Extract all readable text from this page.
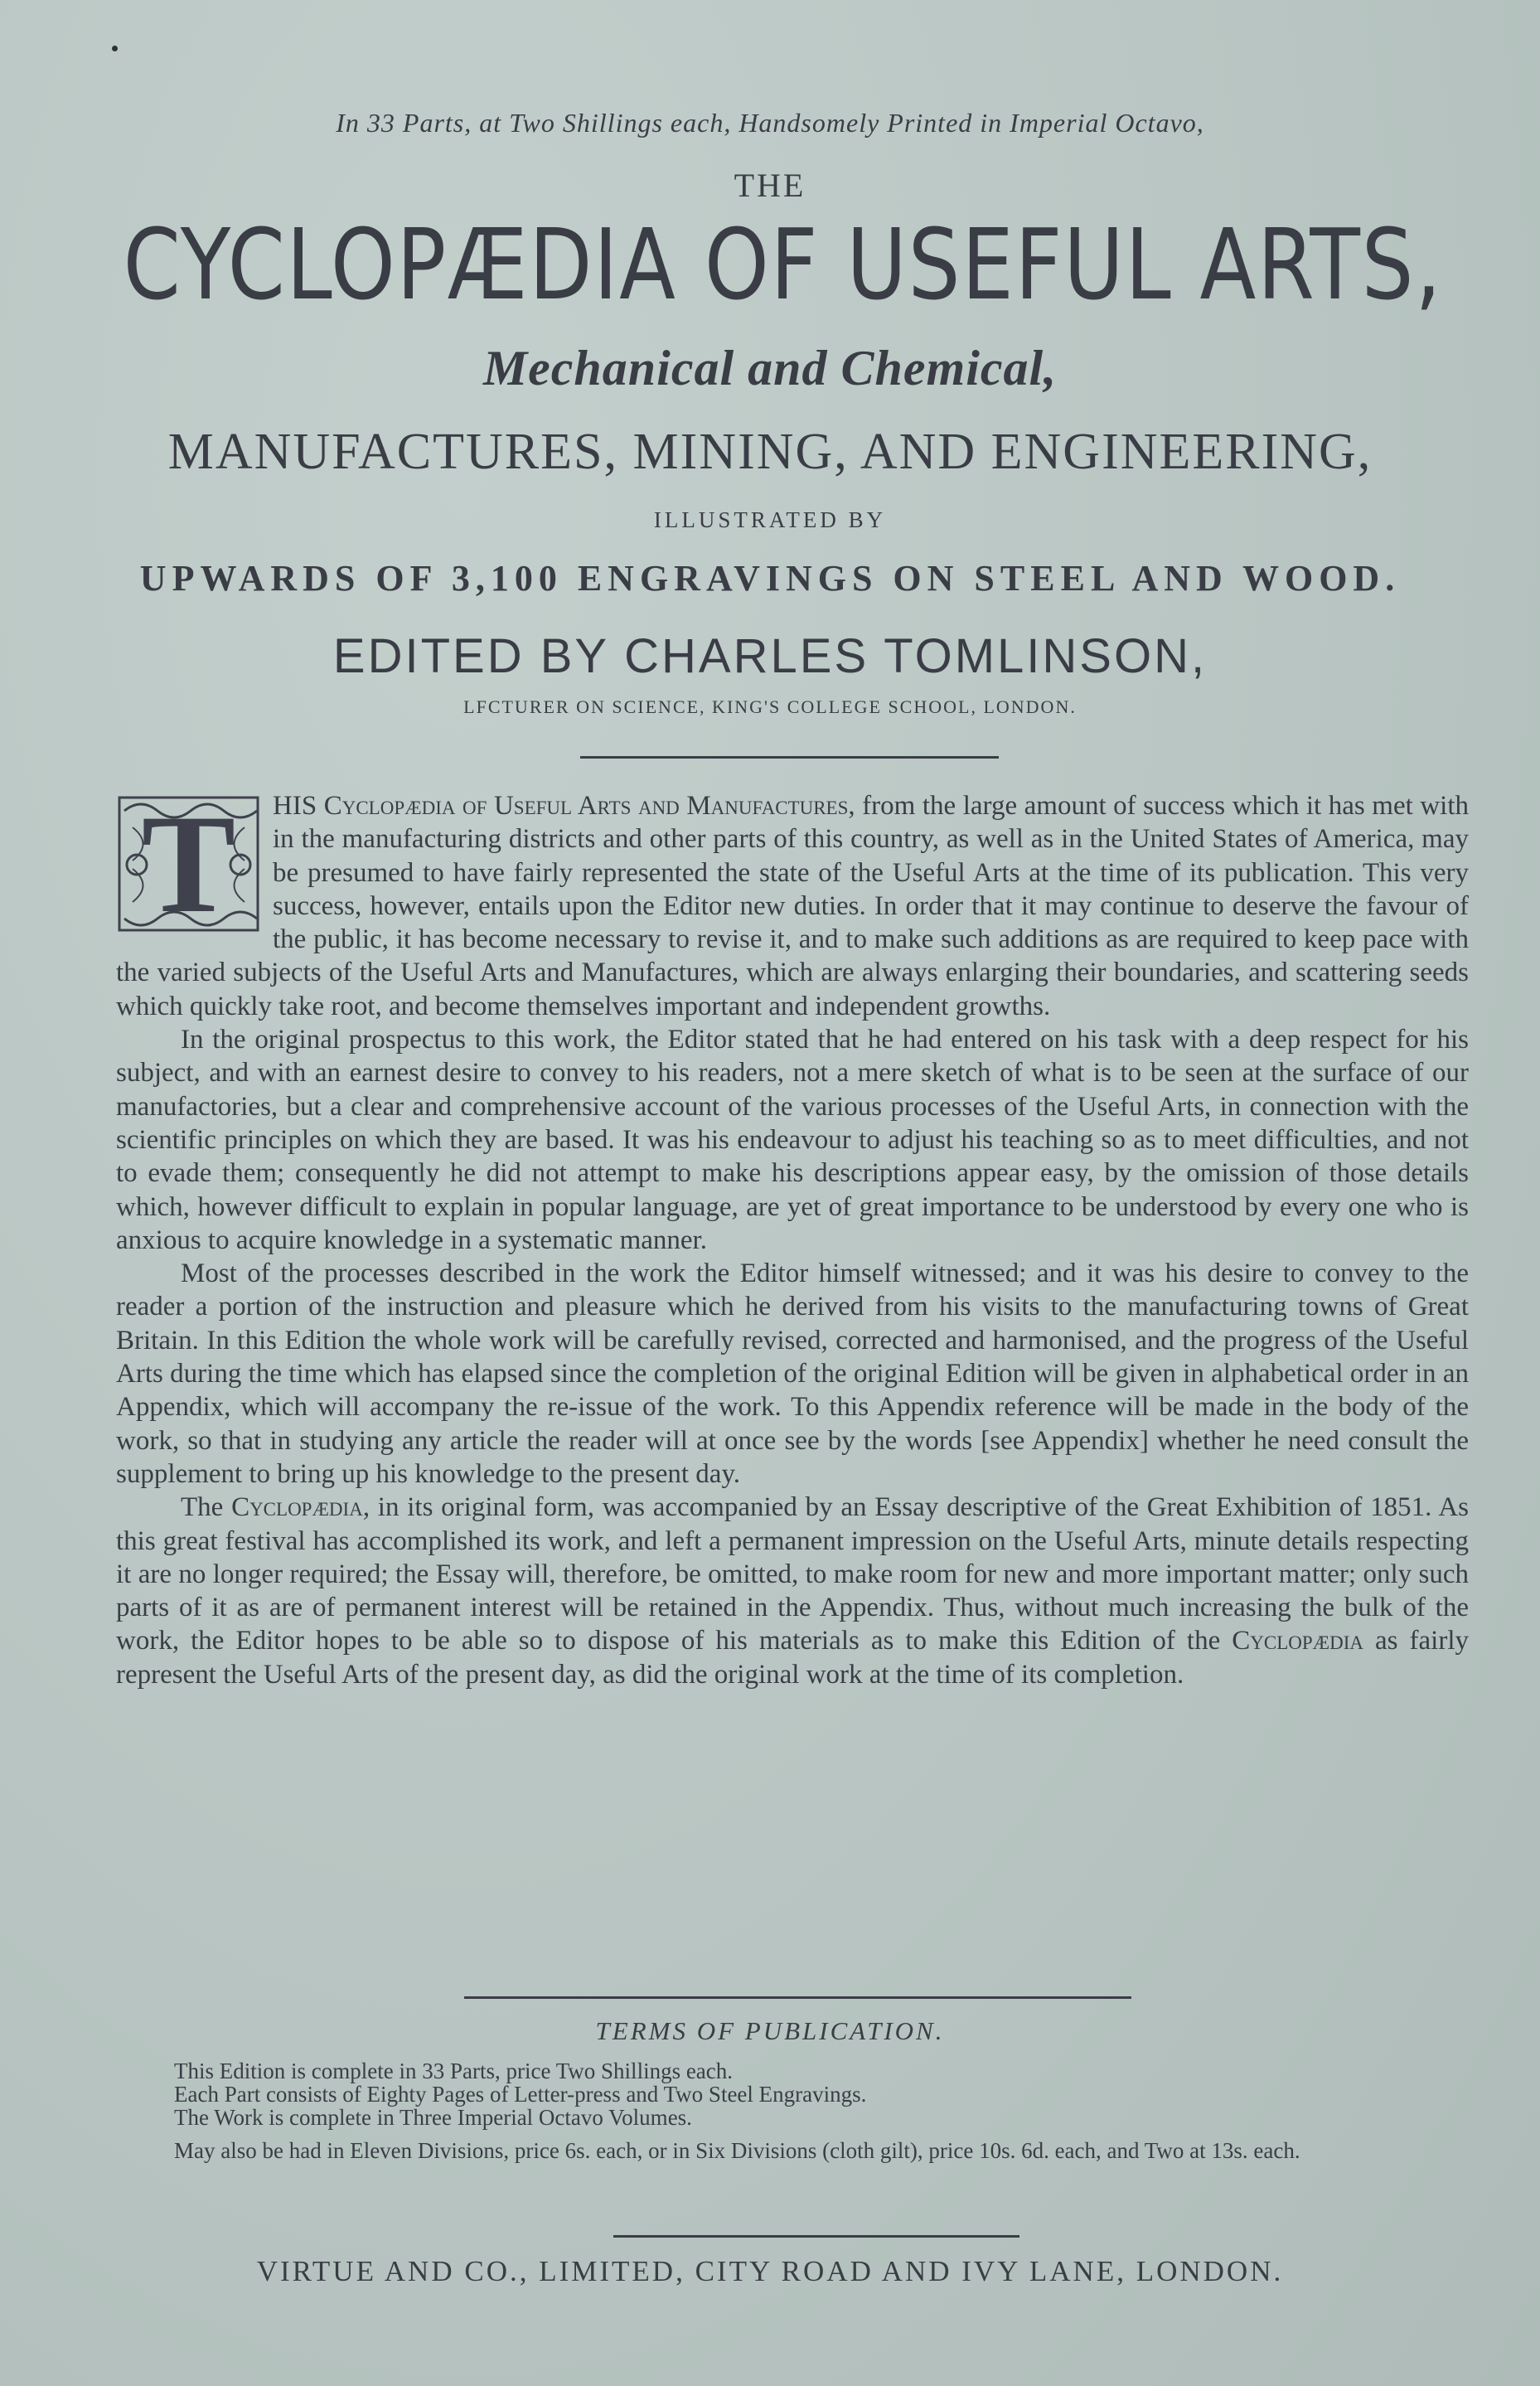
In 33 Parts, at Two Shillings each, Handsomely Printed in Imperial Octavo,
THE
CYCLOPÆDIA OF USEFUL ARTS,
Mechanical and Chemical,
MANUFACTURES, MINING, AND ENGINEERING,
ILLUSTRATED BY
UPWARDS OF 3,100 ENGRAVINGS ON STEEL AND WOOD.
EDITED BY CHARLES TOMLINSON,
LFCTURER ON SCIENCE, KING'S COLLEGE SCHOOL, LONDON.

T	HIS Cyclopædia of Useful Arts and Manufactures, from the large amount of success which it has met with in the manufacturing districts and other parts of this country, as well as in the United States of America, may be presumed to have fairly represented the state of the Useful Arts at the time of its publication. This very success, however, entails upon the Editor new duties. In order that it may continue to deserve the favour of the public, it has become necessary to revise it, and to make such additions as are required to keep pace with the varied subjects of the Useful Arts and Manufactures, which are always enlarging their boundaries, and scattering seeds which quickly take root, and become themselves important and independent growths.

In the original prospectus to this work, the Editor stated that he had entered on his task with a deep respect for his subject, and with an earnest desire to convey to his readers, not a mere sketch of what is to be seen at the surface of our manufactories, but a clear and comprehensive account of the various processes of the Useful Arts, in connection with the scientific principles on which they are based. It was his endeavour to adjust his teaching so as to meet difficulties, and not to evade them; consequently he did not attempt to make his descriptions appear easy, by the omission of those details which, however difficult to explain in popular language, are yet of great importance to be understood by every one who is anxious to acquire knowledge in a systematic manner.

Most of the processes described in the work the Editor himself witnessed; and it was his desire to convey to the reader a portion of the instruction and pleasure which he derived from his visits to the manufacturing towns of Great Britain. In this Edition the whole work will be carefully revised, corrected and harmonised, and the progress of the Useful Arts during the time which has elapsed since the completion of the original Edition will be given in alphabetical order in an Appendix, which will accompany the re-issue of the work. To this Appendix reference will be made in the body of the work, so that in studying any article the reader will at once see by the words [see Appendix] whether he need consult the supplement to bring up his knowledge to the present day.

The Cyclopædia, in its original form, was accompanied by an Essay descriptive of the Great Exhibition of 1851. As this great festival has accomplished its work, and left a permanent impression on the Useful Arts, minute details respecting it are no longer required; the Essay will, therefore, be omitted, to make room for new and more important matter; only such parts of it as are of permanent interest will be retained in the Appendix. Thus, without much increasing the bulk of the work, the Editor hopes to be able so to dispose of his materials as to make this Edition of the Cyclopædia as fairly represent the Useful Arts of the present day, as did the original work at the time of its completion.

TERMS OF PUBLICATION.
This Edition is complete in 33 Parts, price Two Shillings each.
Each Part consists of Eighty Pages of Letter-press and Two Steel Engravings.
The Work is complete in Three Imperial Octavo Volumes.
May also be had in Eleven Divisions, price 6s. each, or in Six Divisions (cloth gilt), price 10s. 6d. each, and Two at 13s. each.
VIRTUE AND CO., LIMITED, CITY ROAD AND IVY LANE, LONDON.
